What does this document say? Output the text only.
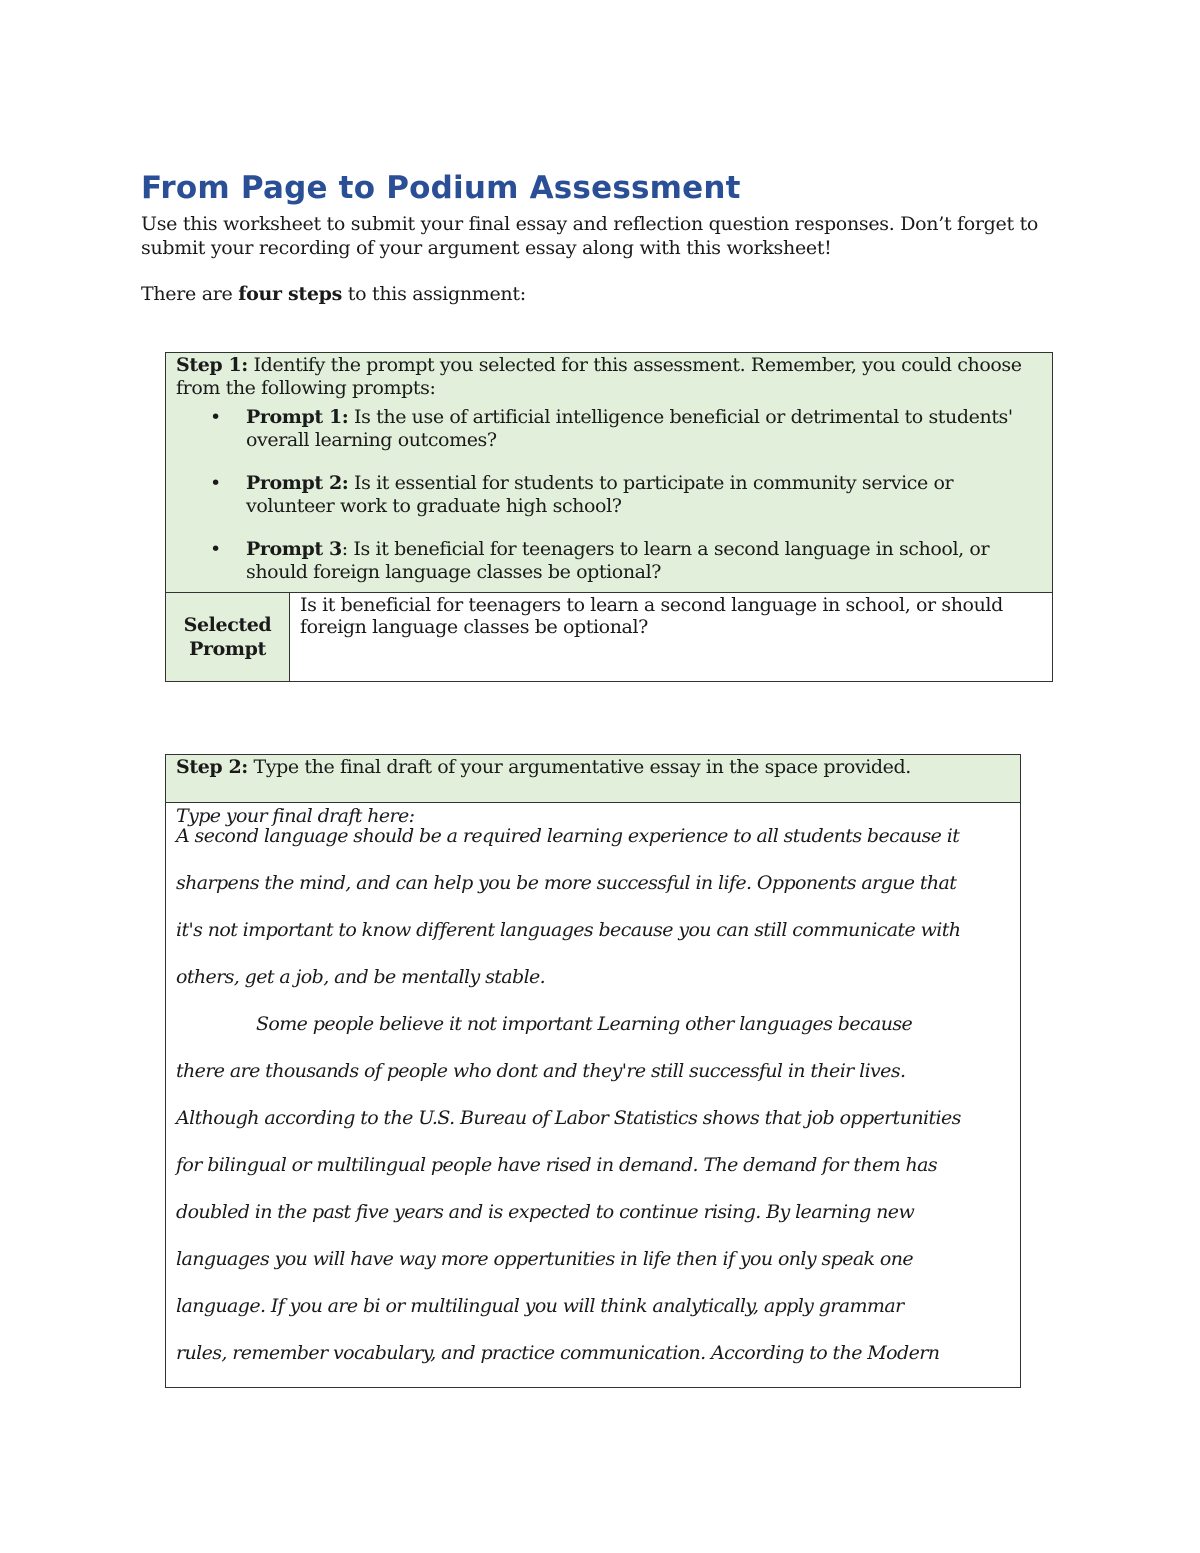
From Page to Podium Assessment

Use this worksheet to submit your final essay and reflection question responses. Don’t forget to submit your recording of your argument essay along with this worksheet!

There are four steps to this assignment:

Step 1: Identify the prompt you selected for this assessment. Remember, you could choose from the following prompts:
• Prompt 1: Is the use of artificial intelligence beneficial or detrimental to students' overall learning outcomes?
• Prompt 2: Is it essential for students to participate in community service or volunteer work to graduate high school?
• Prompt 3: Is it beneficial for teenagers to learn a second language in school, or should foreign language classes be optional?

Selected Prompt	Is it beneficial for teenagers to learn a second language in school, or should foreign language classes be optional?
Step 2: Type the final draft of your argumentative essay in the space provided.

Type your final draft here:

A second language should be a required learning experience to all students because it
sharpens the mind, and can help you be more successful in life. Opponents argue that
it's not important to know different languages because you can still communicate with
others, get a job, and be mentally stable.

Some people believe it not important Learning other languages because
there are thousands of people who dont and they're still successful in their lives.
Although according to the U.S. Bureau of Labor Statistics shows that job oppertunities
for bilingual or multilingual people have rised in demand. The demand for them has
doubled in the past five years and is expected to continue rising. By learning new
languages you will have way more oppertunities in life then if you only speak one
language. If you are bi or multilingual you will think analytically, apply grammar
rules, remember vocabulary, and practice communication. According to the Modern
